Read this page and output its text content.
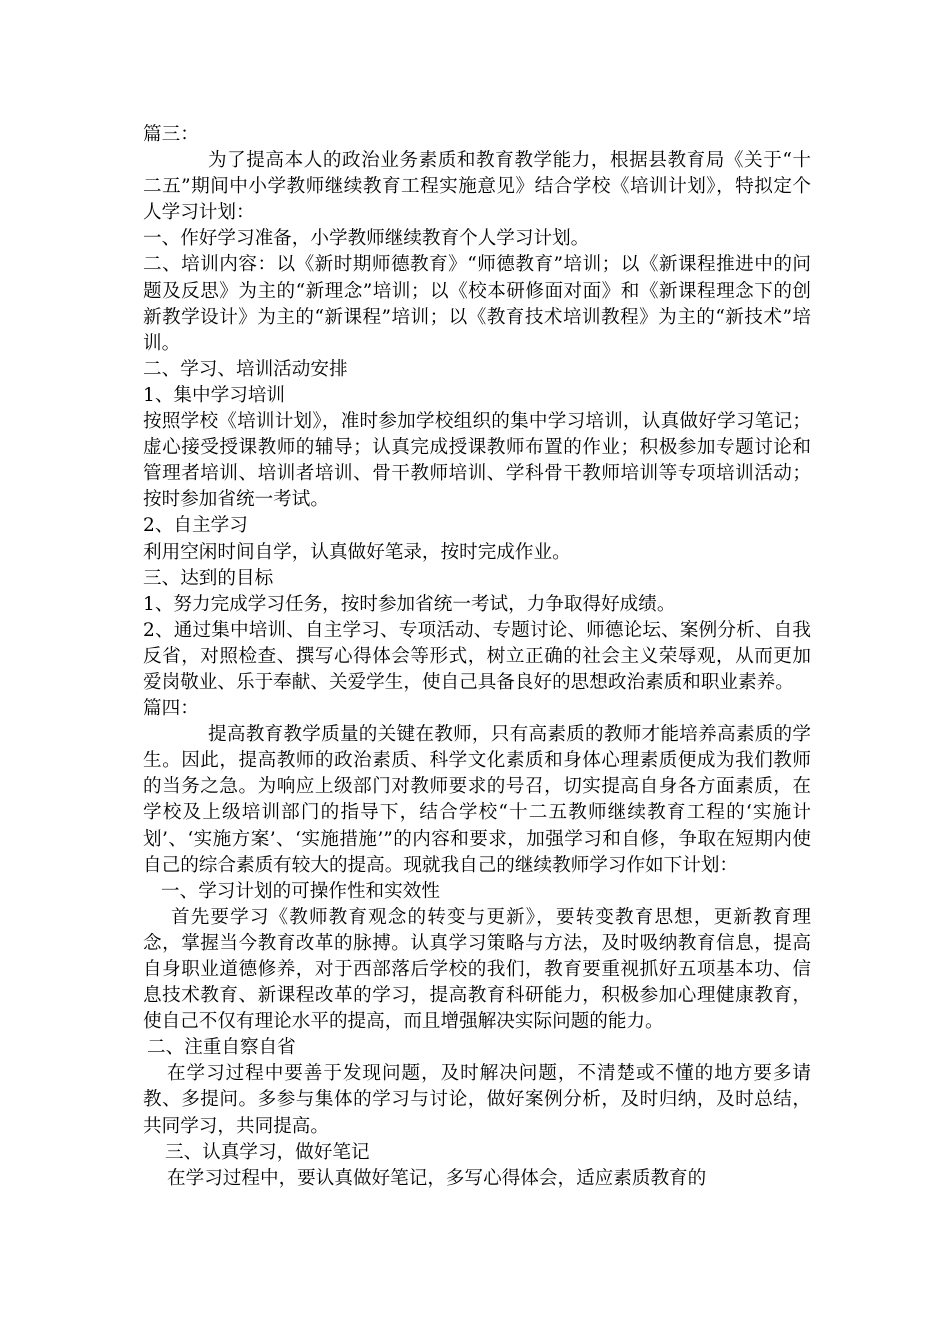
篇三：

为了提高本人的政治业务素质和教育教学能力，根据县教育局《关于“十二五”期间中小学教师继续教育工程实施意见》结合学校《培训计划》，特拟定个人学习计划：

一、作好学习准备，小学教师继续教育个人学习计划。

二、培训内容：以《新时期师德教育》“师德教育”培训；以《新课程推进中的问题及反思》为主的“新理念”培训；以《校本研修面对面》和《新课程理念下的创新教学设计》为主的“新课程”培训；以《教育技术培训教程》为主的“新技术”培训。

二、学习、培训活动安排

1、集中学习培训

按照学校《培训计划》，准时参加学校组织的集中学习培训，认真做好学习笔记；虚心接受授课教师的辅导；认真完成授课教师布置的作业；积极参加专题讨论和管理者培训、培训者培训、骨干教师培训、学科骨干教师培训等专项培训活动；按时参加省统一考试。

2、自主学习

利用空闲时间自学，认真做好笔录，按时完成作业。

三、达到的目标

1、努力完成学习任务，按时参加省统一考试，力争取得好成绩。

2、通过集中培训、自主学习、专项活动、专题讨论、师德论坛、案例分析、自我反省，对照检查、撰写心得体会等形式，树立正确的社会主义荣辱观，从而更加爱岗敬业、乐于奉献、关爱学生，使自己具备良好的思想政治素质和职业素养。

篇四：

提高教育教学质量的关键在教师，只有高素质的教师才能培养高素质的学生。因此，提高教师的政治素质、科学文化素质和身体心理素质便成为我们教师的当务之急。为响应上级部门对教师要求的号召，切实提高自身各方面素质，在学校及上级培训部门的指导下，结合学校“十二五教师继续教育工程的‘实施计划’、‘实施方案’、‘实施措施’”的内容和要求，加强学习和自修，争取在短期内使自己的综合素质有较大的提高。现就我自己的继续教师学习作如下计划：

一、学习计划的可操作性和实效性

首先要学习《教师教育观念的转变与更新》，要转变教育思想，更新教育理念，掌握当今教育改革的脉搏。认真学习策略与方法，及时吸纳教育信息，提高自身职业道德修养，对于西部落后学校的我们，教育要重视抓好五项基本功、信息技术教育、新课程改革的学习，提高教育科研能力，积极参加心理健康教育，使自己不仅有理论水平的提高，而且增强解决实际问题的能力。

二、注重自察自省

在学习过程中要善于发现问题，及时解决问题，不清楚或不懂的地方要多请教、多提问。多参与集体的学习与讨论，做好案例分析，及时归纳，及时总结，共同学习，共同提高。

三、认真学习，做好笔记

在学习过程中，要认真做好笔记，多写心得体会，适应素质教育的
